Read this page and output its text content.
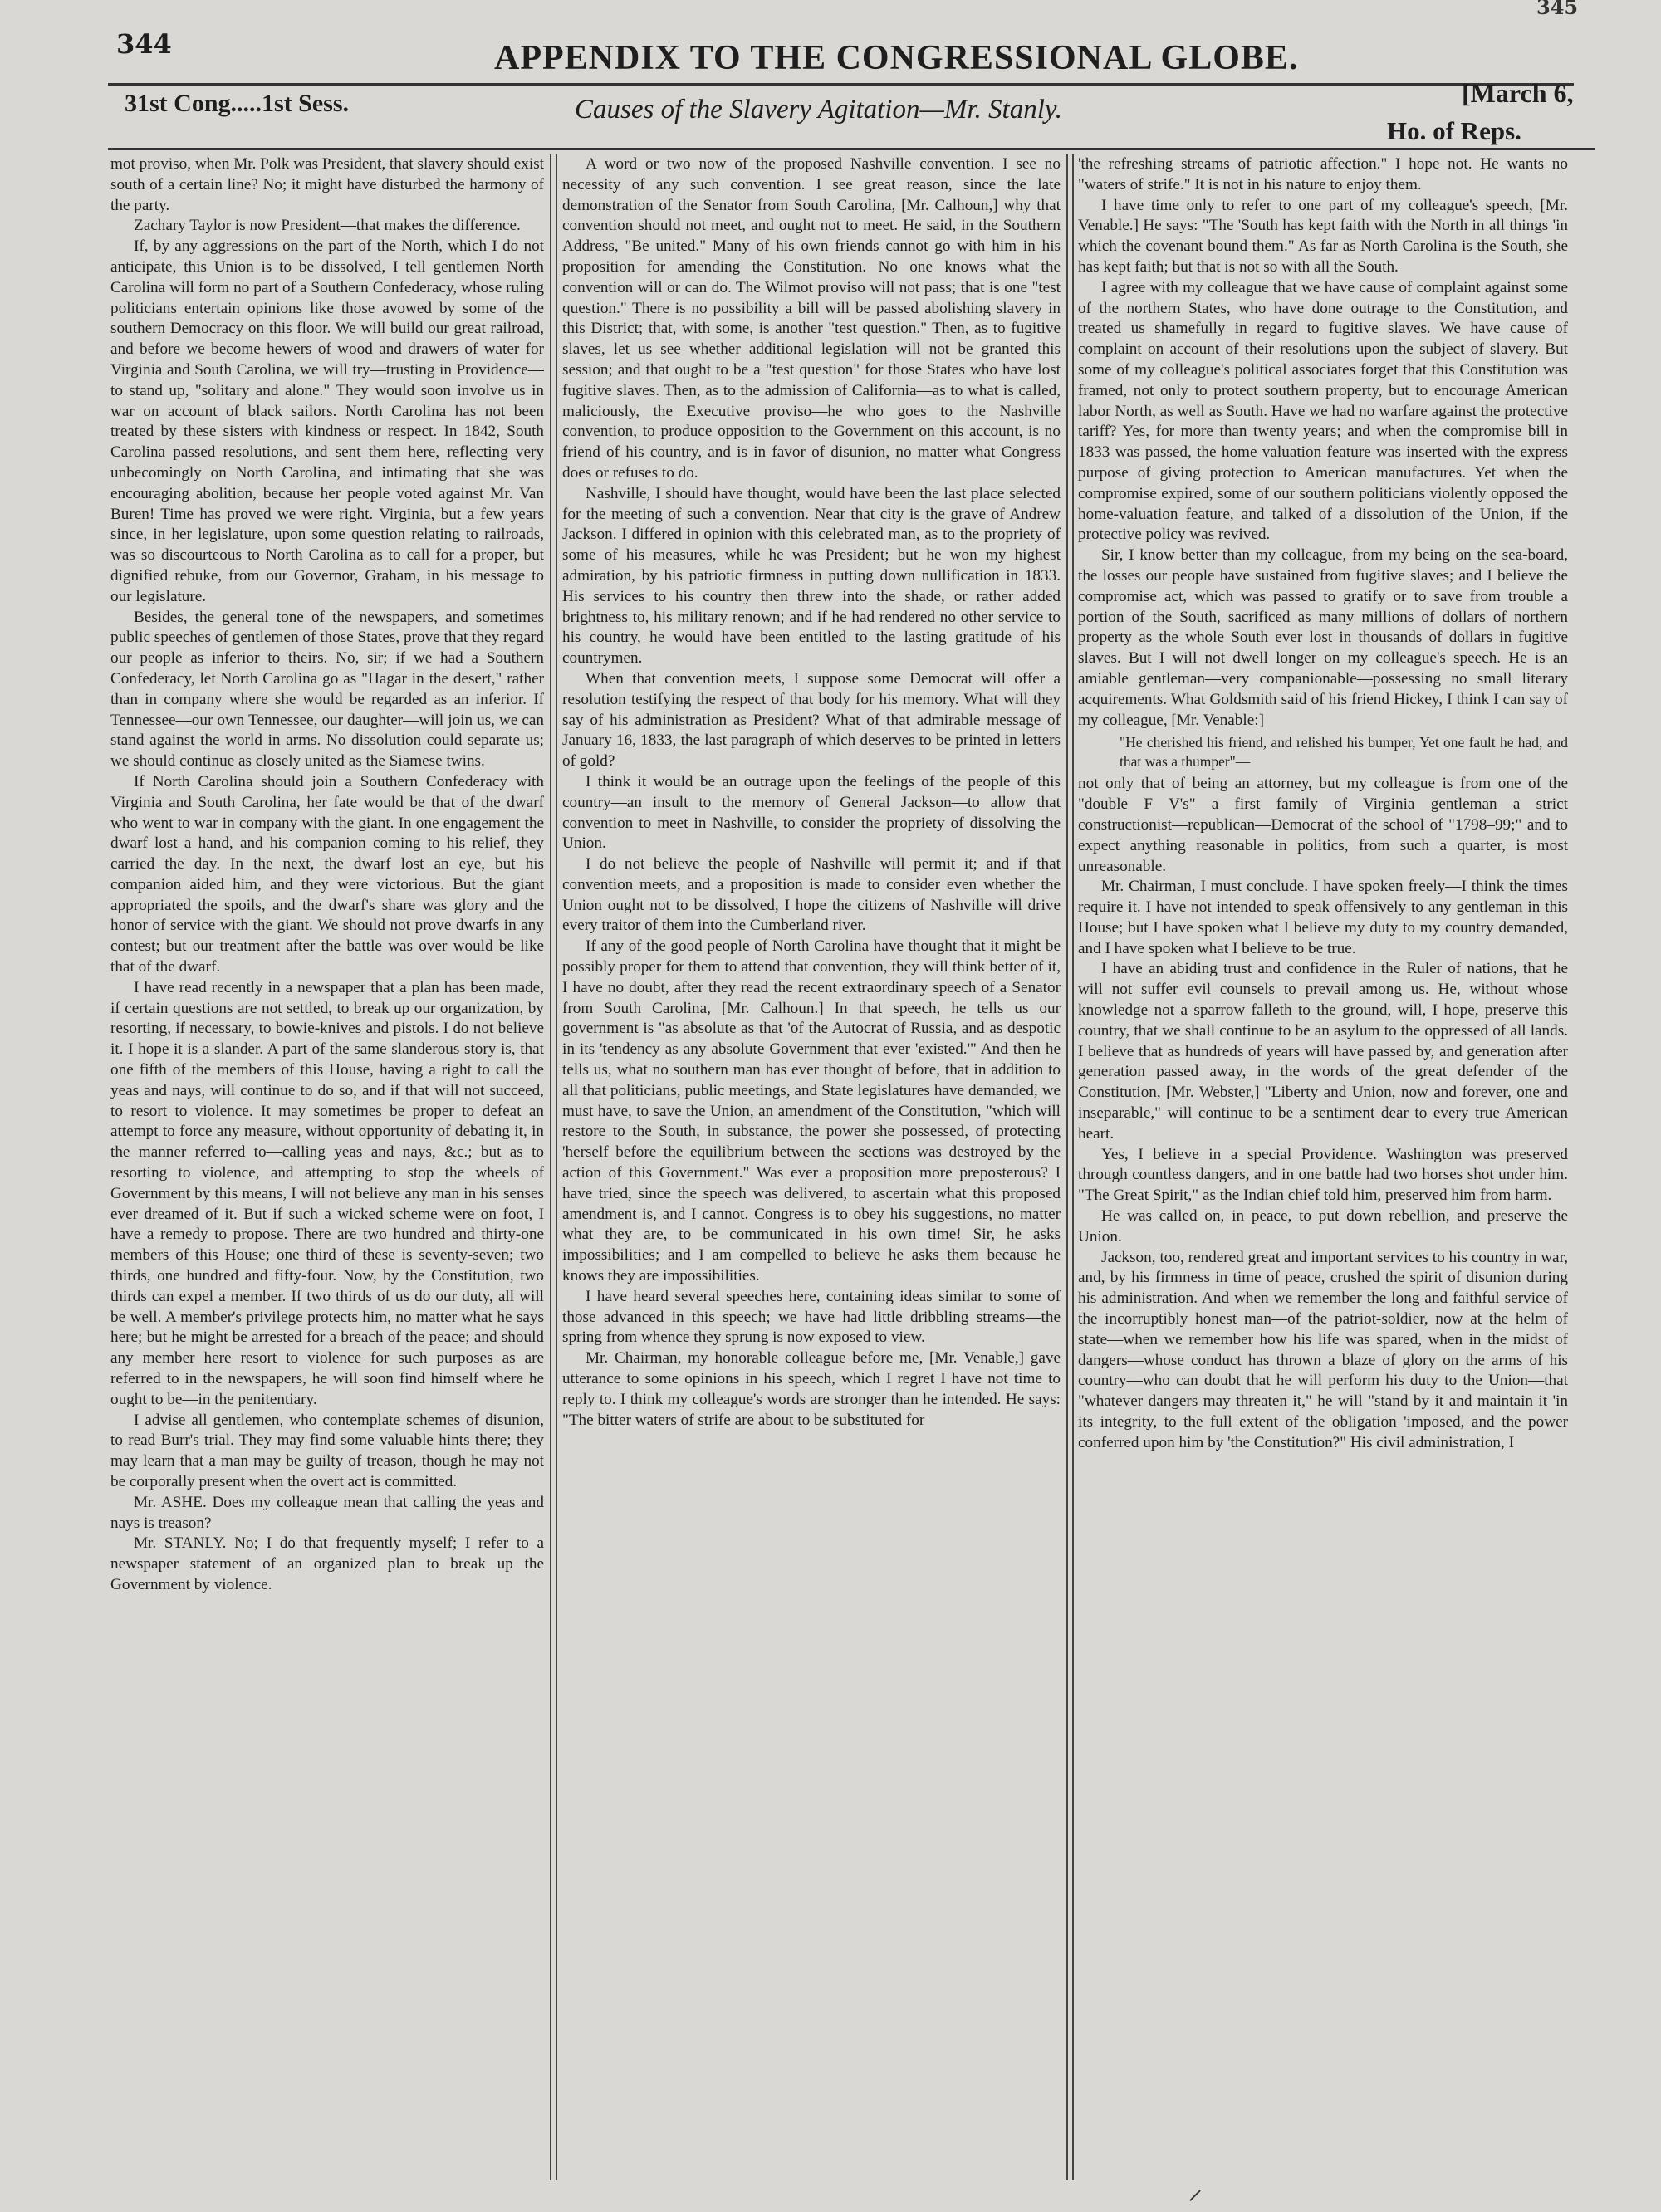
345
344	APPENDIX TO THE CONGRESSIONAL GLOBE.
[March 6,
31st Cong.....1st Sess.	Causes of the Slavery Agitation—Mr. Stanly.
Ho. of Reps.

mot proviso, when Mr. Polk was President, that slavery should exist south of a certain line? No; it might have disturbed the harmony of the party.

Zachary Taylor is now President—that makes the difference.

If, by any aggressions on the part of the North, which I do not anticipate, this Union is to be dissolved, I tell gentlemen North Carolina will form no part of a Southern Confederacy, whose ruling politicians entertain opinions like those avowed by some of the southern Democracy on this floor. We will build our great railroad, and before we become hewers of wood and drawers of water for Virginia and South Carolina, we will try—trusting in Providence—to stand up, "solitary and alone." They would soon involve us in war on account of black sailors. North Carolina has not been treated by these sisters with kindness or respect. In 1842, South Carolina passed resolutions, and sent them here, reflecting very unbecomingly on North Carolina, and intimating that she was encouraging abolition, because her people voted against Mr. Van Buren! Time has proved we were right. Virginia, but a few years since, in her legislature, upon some question relating to railroads, was so discourteous to North Carolina as to call for a proper, but dignified rebuke, from our Governor, Graham, in his message to our legislature.

Besides, the general tone of the newspapers, and sometimes public speeches of gentlemen of those States, prove that they regard our people as inferior to theirs. No, sir; if we had a Southern Confederacy, let North Carolina go as "Hagar in the desert," rather than in company where she would be regarded as an inferior. If Tennessee—our own Tennessee, our daughter—will join us, we can stand against the world in arms. No dissolution could separate us; we should continue as closely united as the Siamese twins.

If North Carolina should join a Southern Confederacy with Virginia and South Carolina, her fate would be that of the dwarf who went to war in company with the giant. In one engagement the dwarf lost a hand, and his companion coming to his relief, they carried the day. In the next, the dwarf lost an eye, but his companion aided him, and they were victorious. But the giant appropriated the spoils, and the dwarf's share was glory and the honor of service with the giant. We should not prove dwarfs in any contest; but our treatment after the battle was over would be like that of the dwarf.

I have read recently in a newspaper that a plan has been made, if certain questions are not settled, to break up our organization, by resorting, if necessary, to bowie-knives and pistols. I do not believe it. I hope it is a slander. A part of the same slanderous story is, that one fifth of the members of this House, having a right to call the yeas and nays, will continue to do so, and if that will not succeed, to resort to violence. It may sometimes be proper to defeat an attempt to force any measure, without opportunity of debating it, in the manner referred to—calling yeas and nays, &c.; but as to resorting to violence, and attempting to stop the wheels of Government by this means, I will not believe any man in his senses ever dreamed of it. But if such a wicked scheme were on foot, I have a remedy to propose. There are two hundred and thirty-one members of this House; one third of these is seventy-seven; two thirds, one hundred and fifty-four. Now, by the Constitution, two thirds can expel a member. If two thirds of us do our duty, all will be well. A member's privilege protects him, no matter what he says here; but he might be arrested for a breach of the peace; and should any member here resort to violence for such purposes as are referred to in the newspapers, he will soon find himself where he ought to be—in the penitentiary.

I advise all gentlemen, who contemplate schemes of disunion, to read Burr's trial. They may find some valuable hints there; they may learn that a man may be guilty of treason, though he may not be corporally present when the overt act is committed.

Mr. ASHE. Does my colleague mean that calling the yeas and nays is treason?

Mr. STANLY. No; I do that frequently myself; I refer to a newspaper statement of an organized plan to break up the Government by violence.

A word or two now of the proposed Nashville convention. I see no necessity of any such convention. I see great reason, since the late demonstration of the Senator from South Carolina, [Mr. Calhoun,] why that convention should not meet, and ought not to meet. He said, in the Southern Address, "Be united." Many of his own friends cannot go with him in his proposition for amending the Constitution. No one knows what the convention will or can do. The Wilmot proviso will not pass; that is one "test question." There is no possibility a bill will be passed abolishing slavery in this District; that, with some, is another "test question." Then, as to fugitive slaves, let us see whether additional legislation will not be granted this session; and that ought to be a "test question" for those States who have lost fugitive slaves. Then, as to the admission of California—as to what is called, maliciously, the Executive proviso—he who goes to the Nashville convention, to produce opposition to the Government on this account, is no friend of his country, and is in favor of disunion, no matter what Congress does or refuses to do.

Nashville, I should have thought, would have been the last place selected for the meeting of such a convention. Near that city is the grave of Andrew Jackson. I differed in opinion with this celebrated man, as to the propriety of some of his measures, while he was President; but he won my highest admiration, by his patriotic firmness in putting down nullification in 1833. His services to his country then threw into the shade, or rather added brightness to, his military renown; and if he had rendered no other service to his country, he would have been entitled to the lasting gratitude of his countrymen.

When that convention meets, I suppose some Democrat will offer a resolution testifying the respect of that body for his memory. What will they say of his administration as President? What of that admirable message of January 16, 1833, the last paragraph of which deserves to be printed in letters of gold?

I think it would be an outrage upon the feelings of the people of this country—an insult to the memory of General Jackson—to allow that convention to meet in Nashville, to consider the propriety of dissolving the Union.

I do not believe the people of Nashville will permit it; and if that convention meets, and a proposition is made to consider even whether the Union ought not to be dissolved, I hope the citizens of Nashville will drive every traitor of them into the Cumberland river.

If any of the good people of North Carolina have thought that it might be possibly proper for them to attend that convention, they will think better of it, I have no doubt, after they read the recent extraordinary speech of a Senator from South Carolina, [Mr. Calhoun.] In that speech, he tells us our government is "as absolute as that 'of the Autocrat of Russia, and as despotic in its 'tendency as any absolute Government that ever 'existed.'" And then he tells us, what no southern man has ever thought of before, that in addition to all that politicians, public meetings, and State legislatures have demanded, we must have, to save the Union, an amendment of the Constitution, "which will restore to the South, in substance, the power she possessed, of protecting 'herself before the equilibrium between the sections was destroyed by the action of this Government." Was ever a proposition more preposterous? I have tried, since the speech was delivered, to ascertain what this proposed amendment is, and I cannot. Congress is to obey his suggestions, no matter what they are, to be communicated in his own time! Sir, he asks impossibilities; and I am compelled to believe he asks them because he knows they are impossibilities.

I have heard several speeches here, containing ideas similar to some of those advanced in this speech; we have had little dribbling streams—the spring from whence they sprung is now exposed to view.

Mr. Chairman, my honorable colleague before me, [Mr. Venable,] gave utterance to some opinions in his speech, which I regret I have not time to reply to. I think my colleague's words are stronger than he intended. He says: "The bitter waters of strife are about to be substituted for

'the refreshing streams of patriotic affection." I hope not. He wants no "waters of strife." It is not in his nature to enjoy them.

I have time only to refer to one part of my colleague's speech, [Mr. Venable.] He says: "The 'South has kept faith with the North in all things 'in which the covenant bound them." As far as North Carolina is the South, she has kept faith; but that is not so with all the South.

I agree with my colleague that we have cause of complaint against some of the northern States, who have done outrage to the Constitution, and treated us shamefully in regard to fugitive slaves. We have cause of complaint on account of their resolutions upon the subject of slavery. But some of my colleague's political associates forget that this Constitution was framed, not only to protect southern property, but to encourage American labor North, as well as South. Have we had no warfare against the protective tariff? Yes, for more than twenty years; and when the compromise bill in 1833 was passed, the home valuation feature was inserted with the express purpose of giving protection to American manufactures. Yet when the compromise expired, some of our southern politicians violently opposed the home-valuation feature, and talked of a dissolution of the Union, if the protective policy was revived.

Sir, I know better than my colleague, from my being on the sea-board, the losses our people have sustained from fugitive slaves; and I believe the compromise act, which was passed to gratify or to save from trouble a portion of the South, sacrificed as many millions of dollars of northern property as the whole South ever lost in thousands of dollars in fugitive slaves. But I will not dwell longer on my colleague's speech. He is an amiable gentleman—very companionable—possessing no small literary acquirements. What Goldsmith said of his friend Hickey, I think I can say of my colleague, [Mr. Venable:]

"He cherished his friend, and relished his bumper, Yet one fault he had, and that was a thumper"—

not only that of being an attorney, but my colleague is from one of the "double F V's"—a first family of Virginia gentleman—a strict constructionist—republican—Democrat of the school of "1798–99;" and to expect anything reasonable in politics, from such a quarter, is most unreasonable.

Mr. Chairman, I must conclude. I have spoken freely—I think the times require it. I have not intended to speak offensively to any gentleman in this House; but I have spoken what I believe my duty to my country demanded, and I have spoken what I believe to be true.

I have an abiding trust and confidence in the Ruler of nations, that he will not suffer evil counsels to prevail among us. He, without whose knowledge not a sparrow falleth to the ground, will, I hope, preserve this country, that we shall continue to be an asylum to the oppressed of all lands. I believe that as hundreds of years will have passed by, and generation after generation passed away, in the words of the great defender of the Constitution, [Mr. Webster,] "Liberty and Union, now and forever, one and inseparable," will continue to be a sentiment dear to every true American heart.

Yes, I believe in a special Providence. Washington was preserved through countless dangers, and in one battle had two horses shot under him. "The Great Spirit," as the Indian chief told him, preserved him from harm.

He was called on, in peace, to put down rebellion, and preserve the Union.

Jackson, too, rendered great and important services to his country in war, and, by his firmness in time of peace, crushed the spirit of disunion during his administration. And when we remember the long and faithful service of the incorruptibly honest man—of the patriot-soldier, now at the helm of state—when we remember how his life was spared, when in the midst of dangers—whose conduct has thrown a blaze of glory on the arms of his country—who can doubt that he will perform his duty to the Union—that "whatever dangers may threaten it," he will "stand by it and maintain it 'in its integrity, to the full extent of the obligation 'imposed, and the power conferred upon him by 'the Constitution?" His civil administration, I

⸝
